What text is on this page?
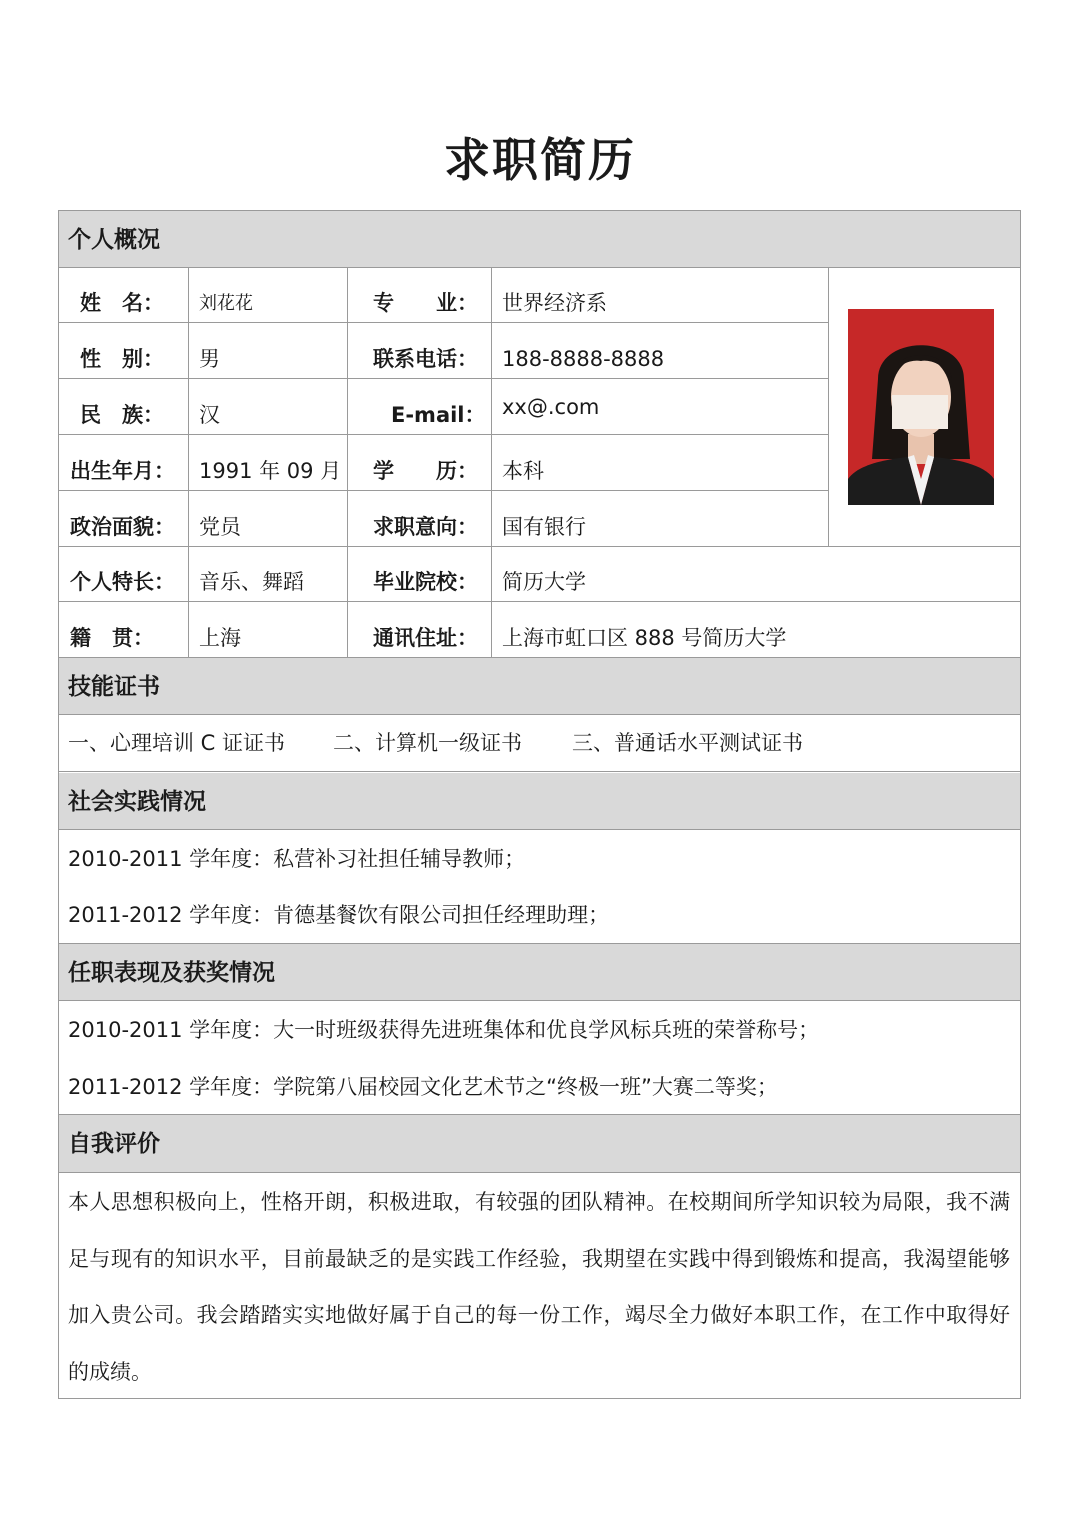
求职简历
个人概况
技能证书
社会实践情况
任职表现及获奖情况
自我评价
姓　名： 刘花花	专　　业： 世界经济系
性　别： 男	联系电话： 188-8888-8888
民　族： 汉	E-mail： xx@.com
出生年月： 1991 年 09 月 学　　历： 本科
政治面貌： 党员	求职意向： 国有银行
个人特长： 音乐、舞蹈	毕业院校： 简历大学
籍　贯： 上海	通讯住址： 上海市虹口区 888 号简历大学
一、心理培训 C 证证书 二、计算机一级证书 三、普通话水平测试证书
2010-2011 学年度：私营补习社担任辅导教师；
2011-2012 学年度：肯德基餐饮有限公司担任经理助理；
2010-2011 学年度：大一时班级获得先进班集体和优良学风标兵班的荣誉称号；
2011-2012 学年度：学院第八届校园文化艺术节之“终极一班”大赛二等奖；
本人思想积极向上，性格开朗，积极进取，有较强的团队精神。在校期间所学知识较为局限，我不满足与现有的知识水平，目前最缺乏的是实践工作经验，我期望在实践中得到锻炼和提高，我渴望能够加入贵公司。我会踏踏实实地做好属于自己的每一份工作，竭尽全力做好本职工作，在工作中取得好的成绩。
